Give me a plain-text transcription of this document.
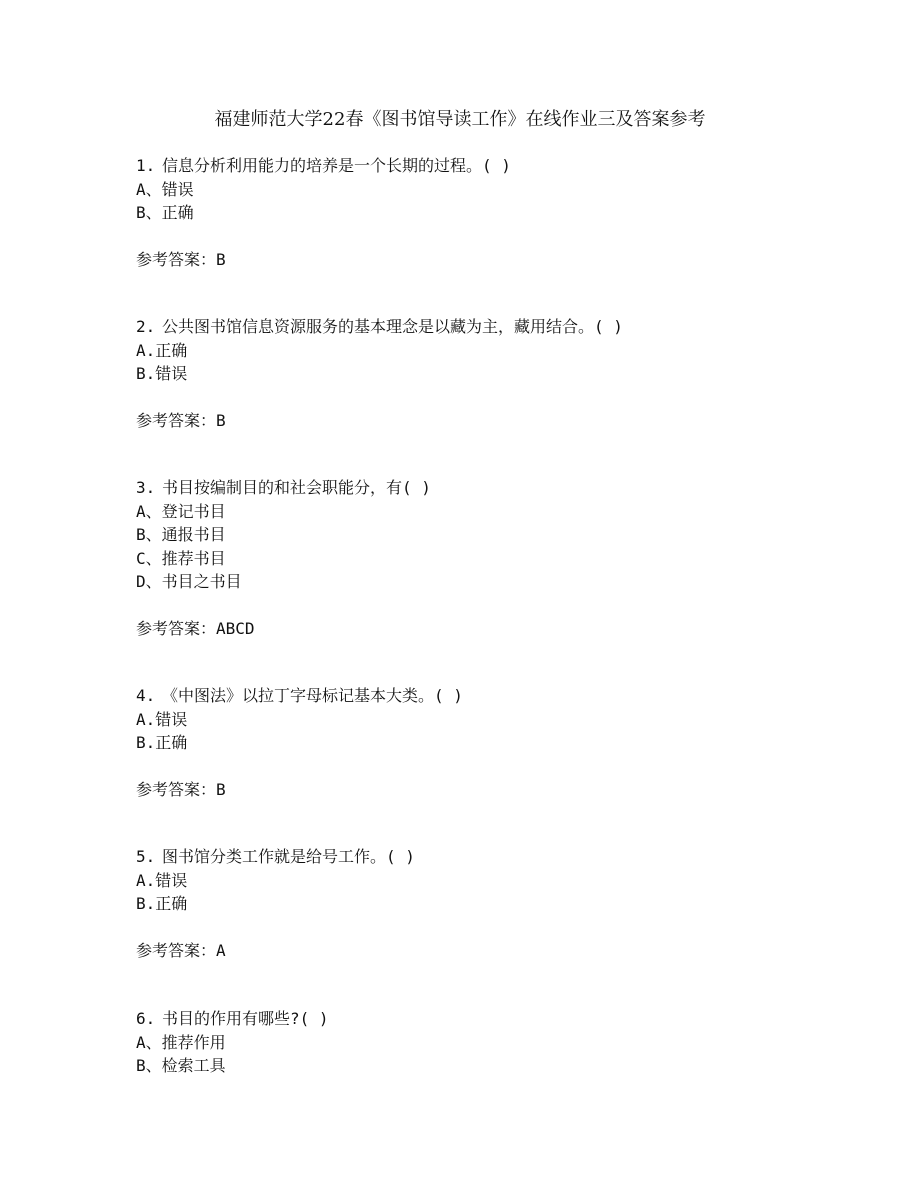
福建师范大学22春《图书馆导读工作》在线作业三及答案参考
1. 信息分析利用能力的培养是一个长期的过程。( )
A、错误
B、正确
参考答案：B
2. 公共图书馆信息资源服务的基本理念是以藏为主，藏用结合。( )
A.正确
B.错误
参考答案：B
3. 书目按编制目的和社会职能分，有( )
A、登记书目
B、通报书目
C、推荐书目
D、书目之书目
参考答案：ABCD
4. 《中图法》以拉丁字母标记基本大类。( )
A.错误
B.正确
参考答案：B
5. 图书馆分类工作就是给号工作。( )
A.错误
B.正确
参考答案：A
6. 书目的作用有哪些?( )
A、推荐作用
B、检索工具
